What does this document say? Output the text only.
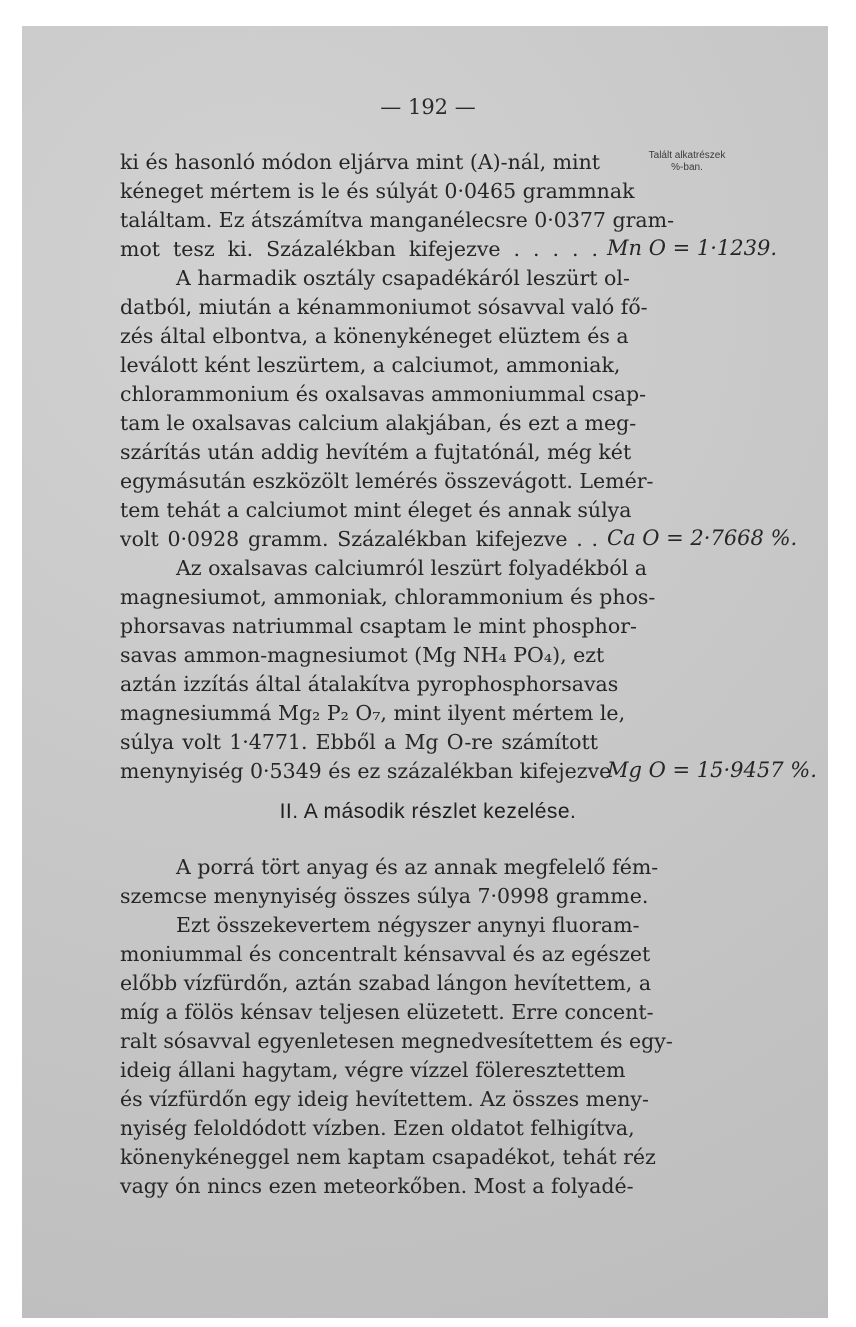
— 192 —
Talált alkatrészek
%-ban.
ki és hasonló módon eljárva mint (A)-nál, mint
kéneget mértem is le és súlyát 0·0465 grammnak
találtam. Ez átszámítva manganélecsre 0·0377 gram-
mot tesz ki. Százalékban kifejezve . . . . .
A harmadik osztály csapadékáról leszürt ol-
datból, miután a kénammoniumot sósavval való fő-
zés által elbontva, a könenykéneget elüztem és a
leválott ként leszürtem, a calciumot, ammoniak,
chlorammonium és oxalsavas ammoniummal csap-
tam le oxalsavas calcium alakjában, és ezt a meg-
szárítás után addig hevítém a fujtatónál, még két
egymásután eszközölt lemérés összevágott. Lemér-
tem tehát a calciumot mint éleget és annak súlya
volt 0·0928 gramm. Százalékban kifejezve . .
Az oxalsavas calciumról leszürt folyadékból a
magnesiumot, ammoniak, chlorammonium és phos-
phorsavas natriummal csaptam le mint phosphor-
savas ammon-magnesiumot (Mg NH₄ PO₄), ezt
aztán izzítás által átalakítva pyrophosphorsavas
magnesiummá Mg₂ P₂ O₇, mint ilyent mértem le,
súlya volt 1·4771. Ebből a Mg O-re számított
menynyiség 0·5349 és ez százalékban kifejezve
Mn O = 1·1239.
Ca O = 2·7668 %.
Mg O = 15·9457 %.
II. A második részlet kezelése.
A porrá tört anyag és az annak megfelelő fém-
szemcse menynyiség összes súlya 7·0998 gramme.
Ezt összekevertem négyszer anynyi fluoram-
moniummal és concentralt kénsavval és az egészet
előbb vízfürdőn, aztán szabad lángon hevítettem, a
míg a fölös kénsav teljesen elüzetett. Erre concent-
ralt sósavval egyenletesen megnedvesítettem és egy-
ideig állani hagytam, végre vízzel föleresztettem
és vízfürdőn egy ideig hevítettem. Az összes meny-
nyiség feloldódott vízben. Ezen oldatot felhigítva,
könenykéneggel nem kaptam csapadékot, tehát réz
vagy ón nincs ezen meteorkőben. Most a folyadé-
